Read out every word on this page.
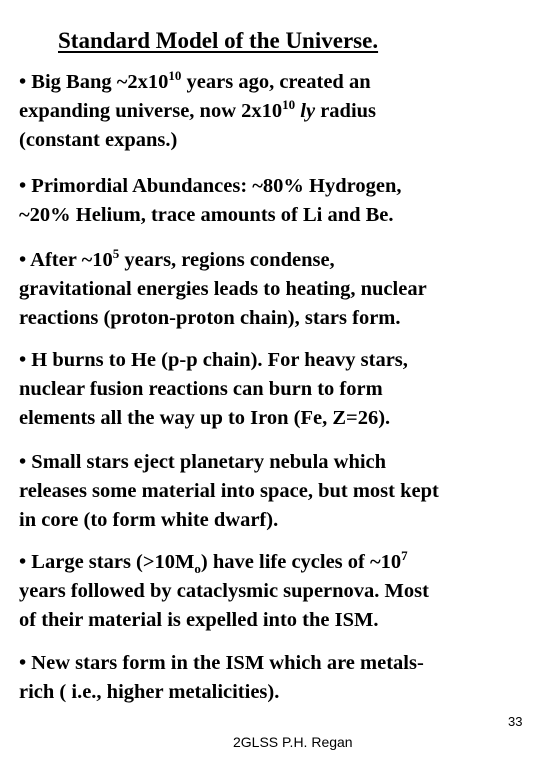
Standard Model of the Universe.
• Big Bang $\sim 2x10^{10}$ years ago, created an
expanding universe, now $2x10^{10}$ ly radius
(constant expans.)
• Primordial Abundances: ~80% Hydrogen,
~20% Helium, trace amounts of Li and Be.
• After $\sim 10^5$ years, regions condense,
gravitational energies leads to heating, nuclear
reactions (proton-proton chain), stars form.
• H burns to He (p-p chain). For heavy stars,
nuclear fusion reactions can burn to form
elements all the way up to Iron (Fe, Z=26).
• Small stars eject planetary nebula which
releases some material into space, but most kept
in core (to form white dwarf).
• Large stars $(>10M_o)$ have life cycles of $\sim 10^7$
years followed by cataclysmic supernova. Most
of their material is expelled into the ISM.
• New stars form in the ISM which are metals-
rich ( i.e., higher metalicities).
2GLSS P.H. Regan
33
